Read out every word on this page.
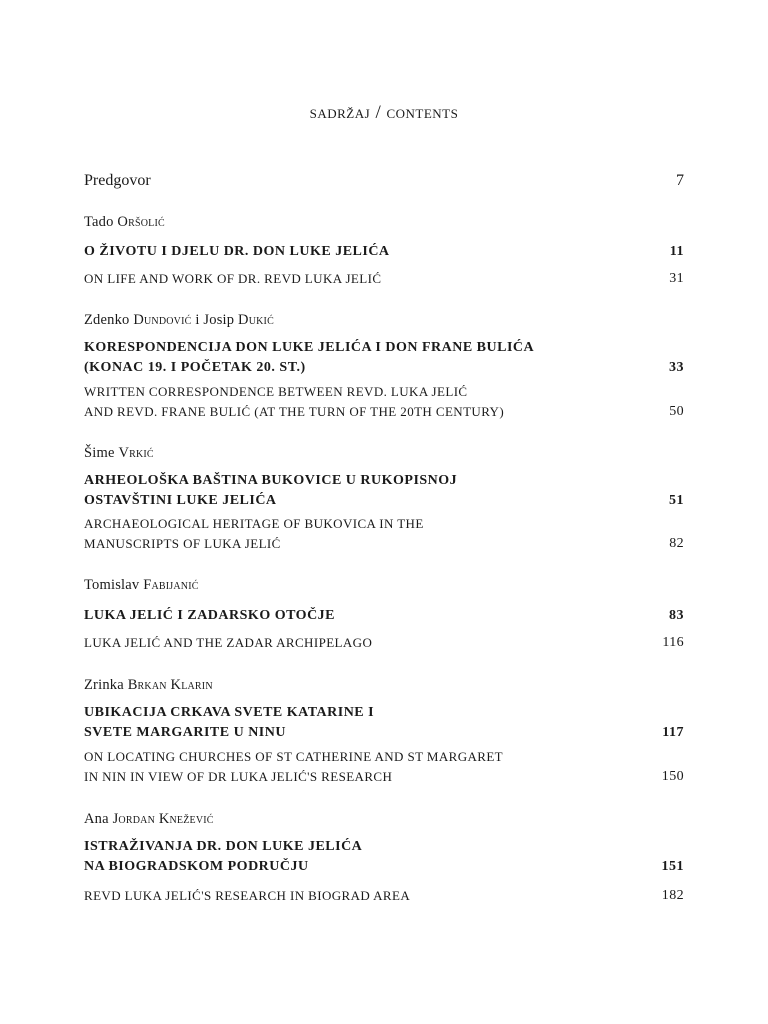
sadržaj / contents
Predgovor	7
Tado Oršolić
O ŽIVOTU I DJELU DR. DON LUKE JELIĆA	11
ON LIFE AND WORK OF DR. REVD LUKA JELIĆ	31
Zdenko Dundović i Josip Dukić
KORESPONDENCIJA DON LUKE JELIĆA I DON FRANE BULIĆA
(KONAC 19. I POČETAK 20. ST.)	33
WRITTEN CORRESPONDENCE BETWEEN REVD. LUKA JELIĆ
AND REVD. FRANE BULIĆ (AT THE TURN OF THE 20TH CENTURY)	50
Šime Vrkić
ARHEOLOŠKA BAŠTINA BUKOVICE U RUKOPISNOJ
OSTAVŠTINI LUKE JELIĆA	51
ARCHAEOLOGICAL HERITAGE OF BUKOVICA IN THE
MANUSCRIPTS OF LUKA JELIĆ	82
Tomislav Fabijanić
LUKA JELIĆ I ZADARSKO OTOČJE	83
LUKA JELIĆ AND THE ZADAR ARCHIPELAGO	116
Zrinka Brkan Klarin
UBIKACIJA CRKAVA SVETE KATARINE I
SVETE MARGARITE U NINU	117
ON LOCATING CHURCHES OF ST CATHERINE AND ST MARGARET
IN NIN IN VIEW OF DR LUKA JELIĆ'S RESEARCH	150
Ana Jordan Knežević
ISTRAŽIVANJA DR. DON LUKE JELIĆA
NA BIOGRADSKOM PODRUČJU	151
REVD LUKA JELIĆ'S RESEARCH IN BIOGRAD AREA	182
